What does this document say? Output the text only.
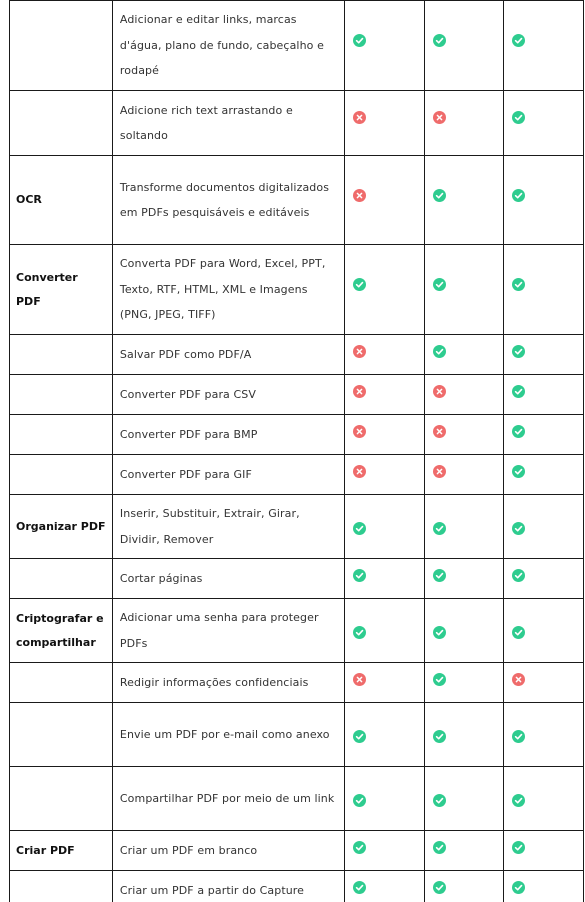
	Adicionar e editar links, marcas d'água, plano de fundo, cabeçalho e rodapé	

	Adicione rich text arrastando e soltando	

OCR	Transforme documentos digitalizados em PDFs pesquisáveis e editáveis	

Converter PDF	Converta PDF para Word, Excel, PPT, Texto, RTF, HTML, XML e Imagens (PNG, JPEG, TIFF)	

	Salvar PDF como PDF/A	

	Converter PDF para CSV	

	Converter PDF para BMP	

	Converter PDF para GIF	

Organizar PDF	Inserir, Substituir, Extrair, Girar, Dividir, Remover	

	Cortar páginas	

Criptografar e compartilhar	Adicionar uma senha para proteger PDFs	

	Redigir informações confidenciais	

	Envie um PDF por e-mail como anexo	

	Compartilhar PDF por meio de um link	

Criar PDF	Criar um PDF em branco	

	Criar um PDF a partir do Capture	
